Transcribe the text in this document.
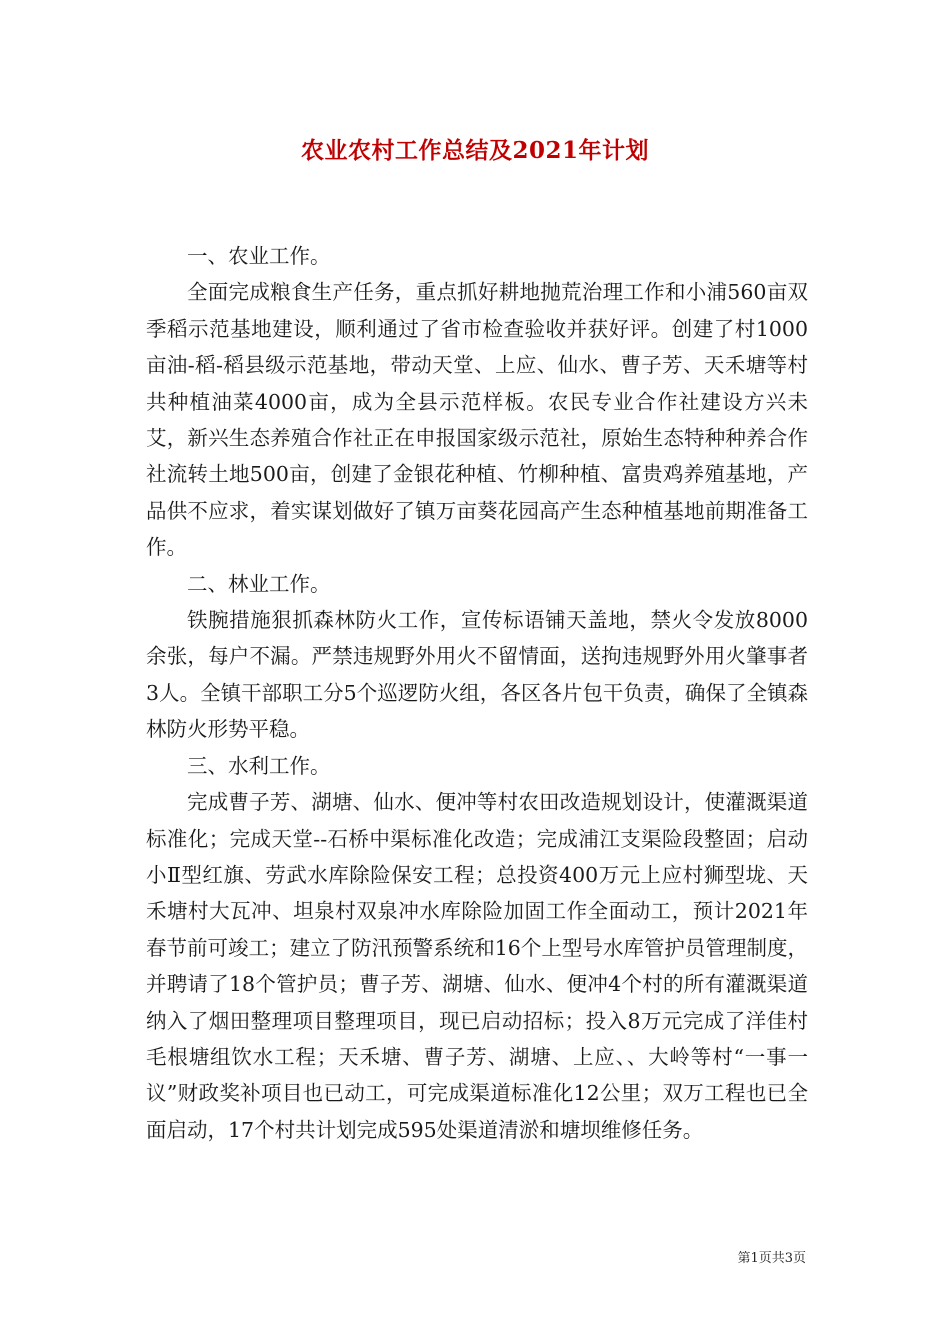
农业农村工作总结及2021年计划

一、农业工作。

全面完成粮食生产任务，重点抓好耕地抛荒治理工作和小浦560亩双季稻示范基地建设，顺利通过了省市检查验收并获好评。创建了村1000亩油-稻-稻县级示范基地，带动天堂、上应、仙水、曹子芳、天禾塘等村共种植油菜4000亩，成为全县示范样板。农民专业合作社建设方兴未艾，新兴生态养殖合作社正在申报国家级示范社，原始生态特种种养合作社流转土地500亩，创建了金银花种植、竹柳种植、富贵鸡养殖基地，产品供不应求，着实谋划做好了镇万亩葵花园高产生态种植基地前期准备工作。

二、林业工作。

铁腕措施狠抓森林防火工作，宣传标语铺天盖地，禁火令发放8000余张，每户不漏。严禁违规野外用火不留情面，送拘违规野外用火肇事者3人。全镇干部职工分5个巡逻防火组，各区各片包干负责，确保了全镇森林防火形势平稳。

三、水利工作。

完成曹子芳、湖塘、仙水、便冲等村农田改造规划设计，使灌溉渠道标准化；完成天堂--石桥中渠标准化改造；完成浦江支渠险段整固；启动小Ⅱ型红旗、劳武水库除险保安工程；总投资400万元上应村狮型垅、天禾塘村大瓦冲、坦泉村双泉冲水库除险加固工作全面动工，预计2021年春节前可竣工；建立了防汛预警系统和16个上型号水库管护员管理制度，并聘请了18个管护员；曹子芳、湖塘、仙水、便冲4个村的所有灌溉渠道纳入了烟田整理项目整理项目，现已启动招标；投入8万元完成了洋佳村毛根塘组饮水工程；天禾塘、曹子芳、湖塘、上应、、大岭等村“一事一议”财政奖补项目也已动工，可完成渠道标准化12公里；双万工程也已全面启动，17个村共计划完成595处渠道清淤和塘坝维修任务。

第1页共3页
